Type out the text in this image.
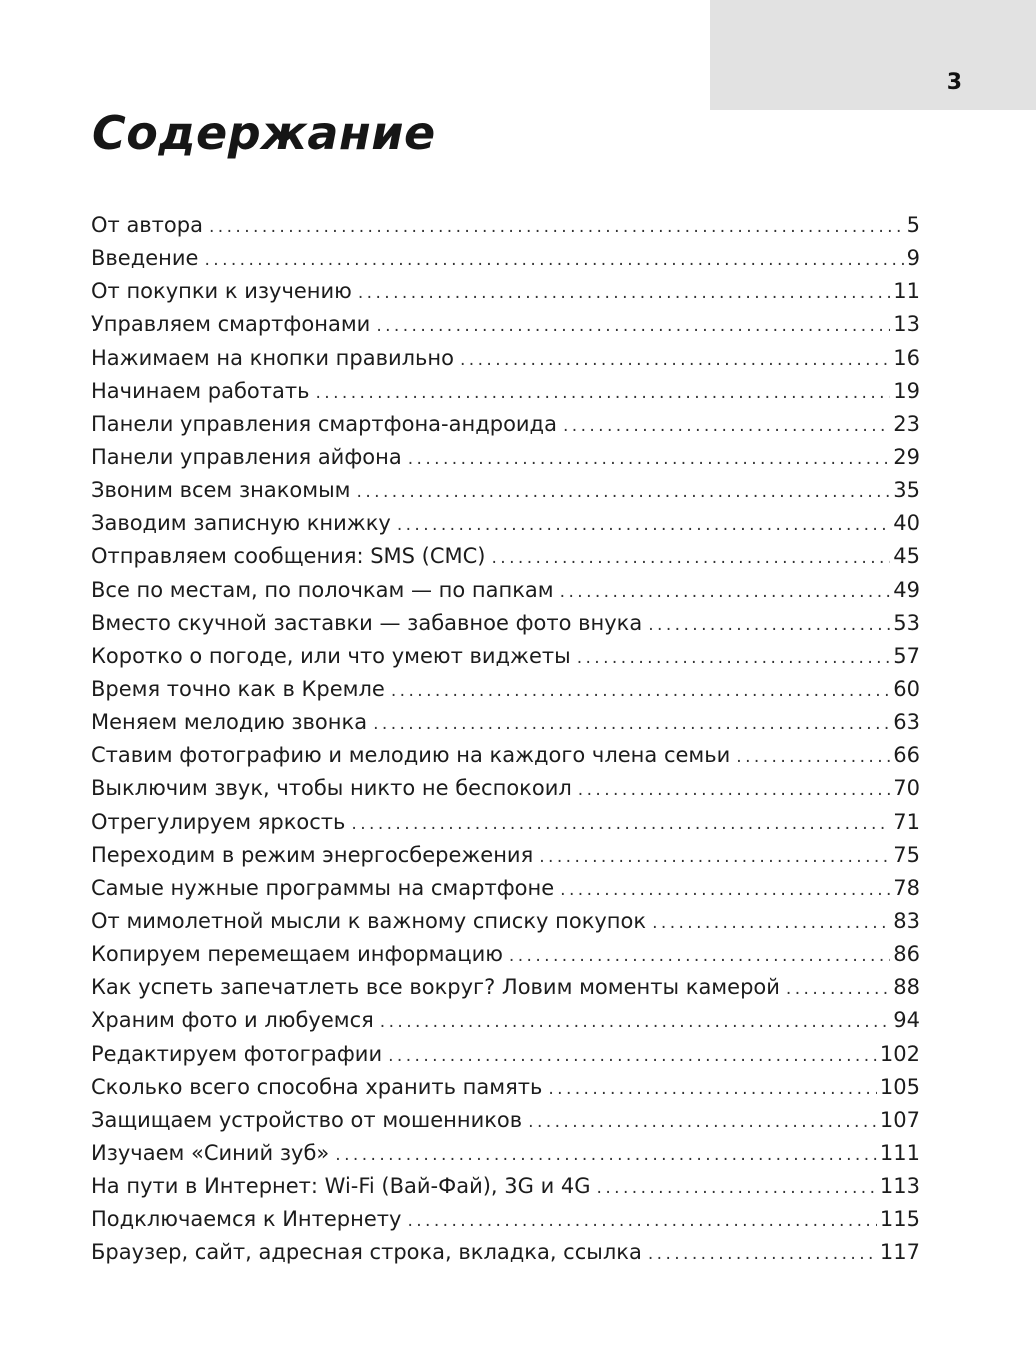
3
Содержание
От автора . . .	5
Введение . . .	9
От покупки к изучению . . .	11
Управляем смартфонами . . .	13
Нажимаем на кнопки правильно . . .	16
Начинаем работать . . .	19
Панели управления смартфона-андроида . . .	23
Панели управления айфона . . .	29
Звоним всем знакомым . . .	35
Заводим записную книжку . . .	40
Отправляем сообщения: SMS (СМС) . . .	45
Все по местам, по полочкам — по папкам . . .	49
Вместо скучной заставки — забавное фото внука . . .	53
Коротко о погоде, или что умеют виджеты . . .	57
Время точно как в Кремле . . .	60
Меняем мелодию звонка . . .	63
Ставим фотографию и мелодию на каждого члена семьи . . .	66
Выключим звук, чтобы никто не беспокоил . . .	70
Отрегулируем яркость . . .	71
Переходим в режим энергосбережения . . .	75
Самые нужные программы на смартфоне . . .	78
От мимолетной мысли к важному списку покупок . . .	83
Копируем перемещаем информацию . . .	86
Как успеть запечатлеть все вокруг? Ловим моменты камерой . . .	88
Храним фото и любуемся . . .	94
Редактируем фотографии . . .	102
Сколько всего способна хранить память . . .	105
Защищаем устройство от мошенников . . .	107
Изучаем «Синий зуб» . . .	111
На пути в Интернет: Wi-Fi (Вай-Фай), 3G и 4G . . .	113
Подключаемся к Интернету . . .	115
Браузер, сайт, адресная строка, вкладка, ссылка . . .	117
